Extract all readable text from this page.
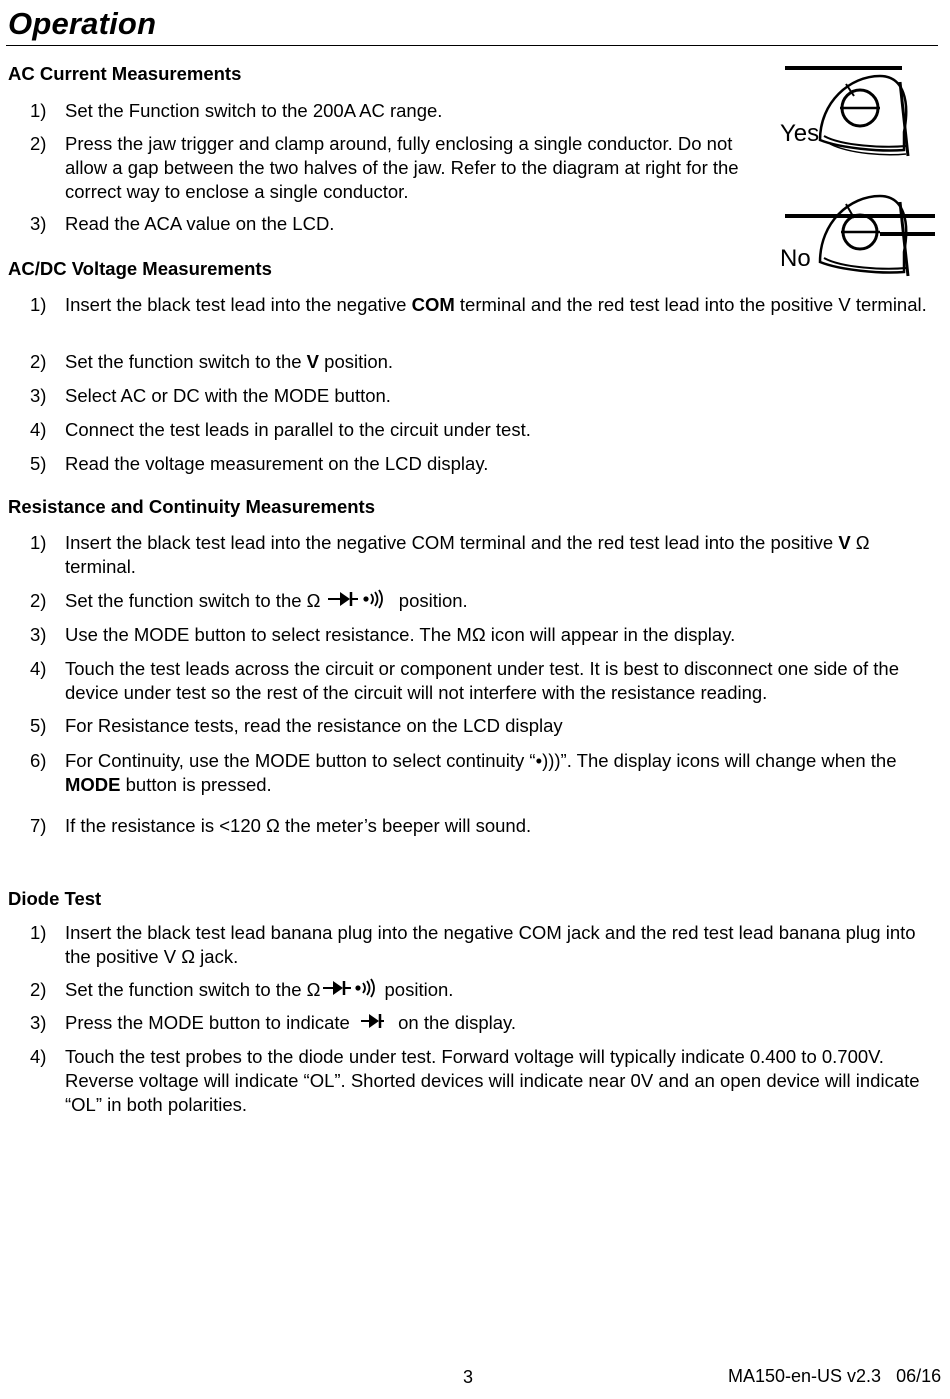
Operation
Yes
No
AC Current Measurements
1) Set the Function switch to the 200A AC range.
2) Press the jaw trigger and clamp around, fully enclosing a single conductor. Do not allow a gap between the two halves of the jaw. Refer to the diagram at right for the correct way to enclose a single conductor.
3) Read the ACA value on the LCD.
AC/DC Voltage Measurements
1) Insert the black test lead into the negative COM terminal and the red test lead into the positive V terminal.
2) Set the function switch to the V position.
3) Select AC or DC with the MODE button.
4) Connect the test leads in parallel to the circuit under test.
5) Read the voltage measurement on the LCD display.
Resistance and Continuity Measurements
1) Insert the black test lead into the negative COM terminal and the red test lead into the positive V Ω terminal.
2) Set the function switch to the Ω	position.
3) Use the MODE button to select resistance. The MΩ icon will appear in the display.
4) Touch the test leads across the circuit or component under test. It is best to disconnect one side of the device under test so the rest of the circuit will not interfere with the resistance reading.
5) For Resistance tests, read the resistance on the LCD display
6) For Continuity, use the MODE button to select continuity “•)))”. The display icons will change when the MODE button is pressed.
7) If the resistance is <120 Ω the meter’s beeper will sound.
Diode Test
1) Insert the black test lead banana plug into the negative COM jack and the red test lead banana plug into the positive V Ω jack.
2) Set the function switch to the Ω	position.
3) Press the MODE button to indicate  on the display.
4) Touch the test probes to the diode under test. Forward voltage will typically indicate 0.400 to 0.700V. Reverse voltage will indicate “OL”. Shorted devices will indicate near 0V and an open device will indicate “OL” in both polarities.
3	MA150-en-US v2.3   06/16
